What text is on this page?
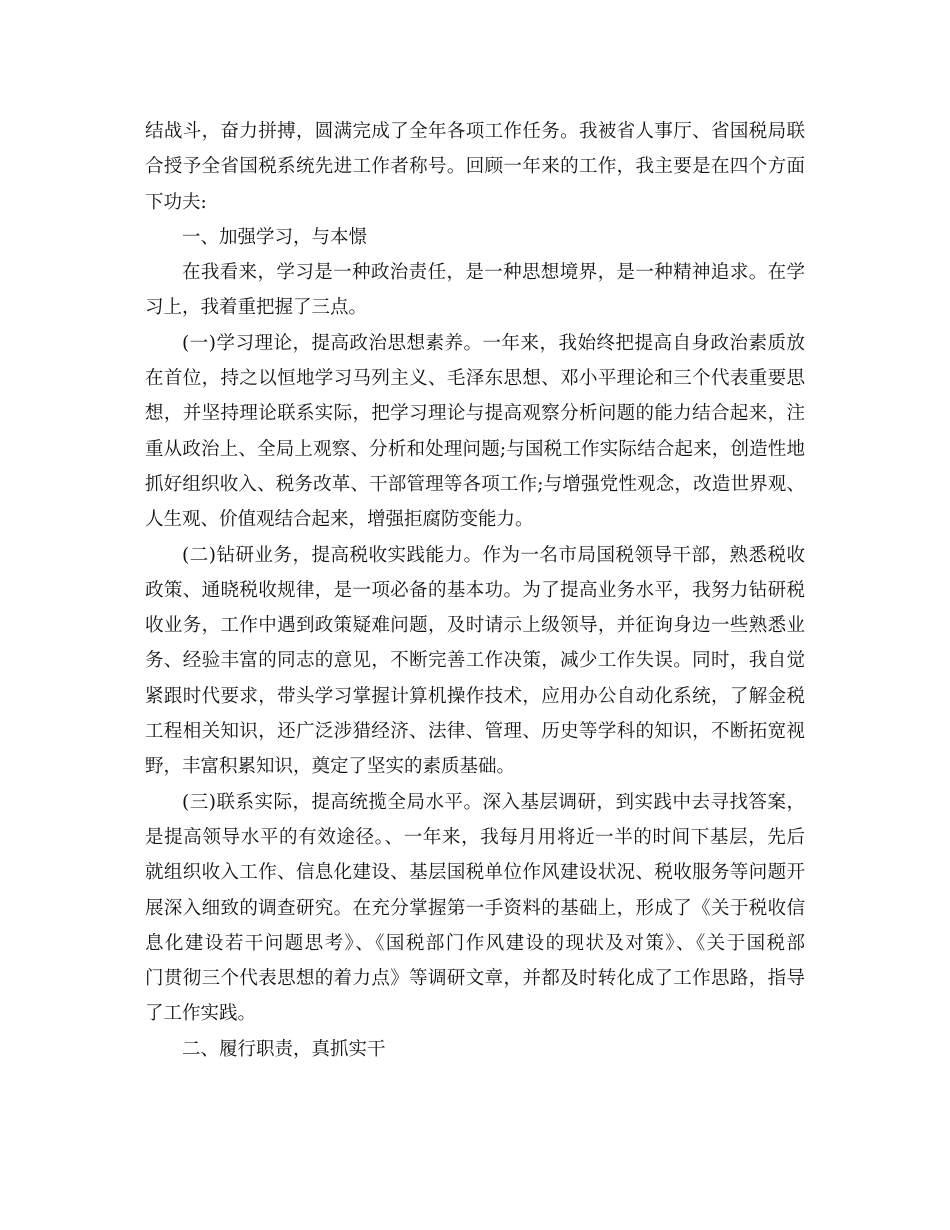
结战斗，奋力拼搏，圆满完成了全年各项工作任务。我被省人事厅、省国税局联
合授予全省国税系统先进工作者称号。回顾一年来的工作，我主要是在四个方面
下功夫:
一、加强学习，与本憬
在我看来，学习是一种政治责任，是一种思想境界，是一种精神追求。在学
习上，我着重把握了三点。
(一)学习理论，提高政治思想素养。一年来，我始终把提高自身政治素质放
在首位，持之以恒地学习马列主义、毛泽东思想、邓小平理论和三个代表重要思
想，并坚持理论联系实际，把学习理论与提高观察分析问题的能力结合起来，注
重从政治上、全局上观察、分析和处理问题;与国税工作实际结合起来，创造性地
抓好组织收入、税务改革、干部管理等各项工作;与增强党性观念，改造世界观、
人生观、价值观结合起来，增强拒腐防变能力。
(二)钻研业务，提高税收实践能力。作为一名市局国税领导干部，熟悉税收
政策、通晓税收规律，是一项必备的基本功。为了提高业务水平，我努力钻研税
收业务，工作中遇到政策疑难问题，及时请示上级领导，并征询身边一些熟悉业
务、经验丰富的同志的意见，不断完善工作决策，减少工作失误。同时，我自觉
紧跟时代要求，带头学习掌握计算机操作技术，应用办公自动化系统，了解金税
工程相关知识，还广泛涉猎经济、法律、管理、历史等学科的知识，不断拓宽视
野，丰富积累知识，奠定了坚实的素质基础。
(三)联系实际，提高统揽全局水平。深入基层调研，到实践中去寻找答案，
是提高领导水平的有效途径。、一年来，我每月用将近一半的时间下基层，先后
就组织收入工作、信息化建设、基层国税单位作风建设状况、税收服务等问题开
展深入细致的调查研究。在充分掌握第一手资料的基础上，形成了《关于税收信
息化建设若干问题思考》、《国税部门作风建设的现状及对策》、《关于国税部
门贯彻三个代表思想的着力点》等调研文章，并都及时转化成了工作思路，指导
了工作实践。
二、履行职责，真抓实干
